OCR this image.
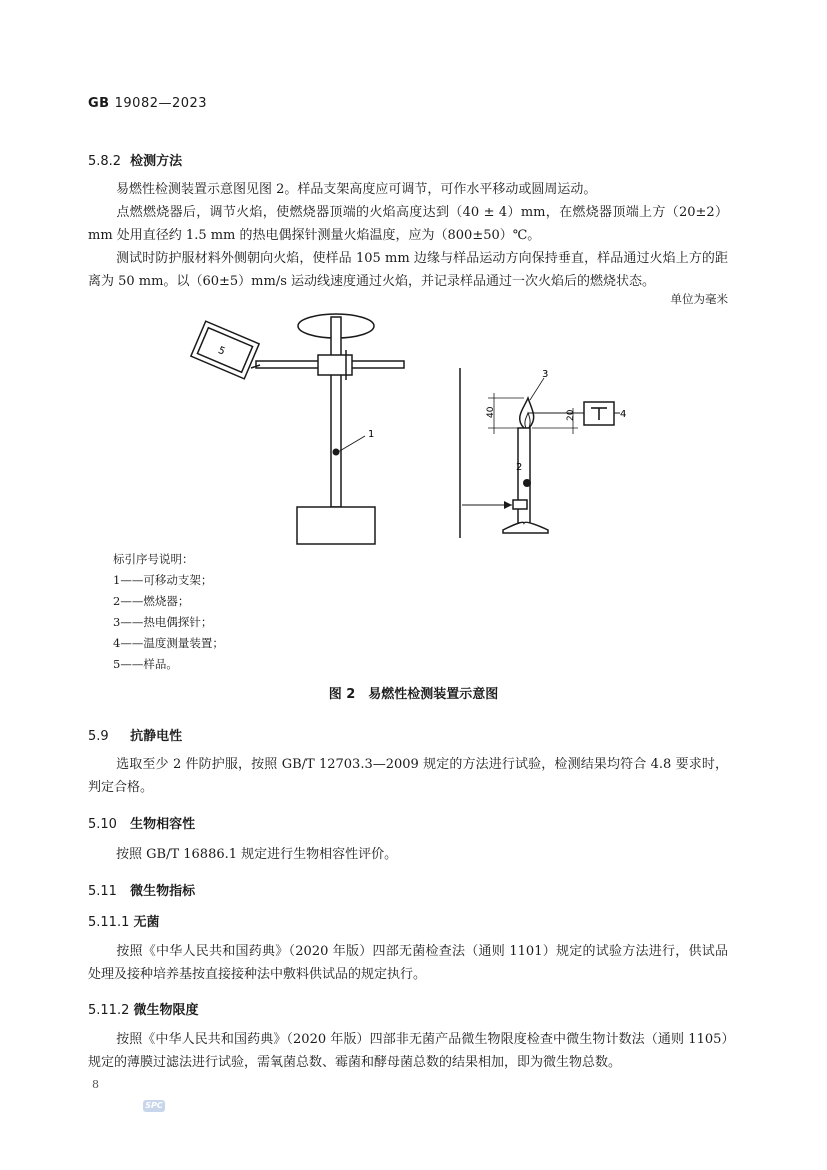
GB 19082—2023
5.8.2 检测方法
易燃性检测装置示意图见图 2。样品支架高度应可调节，可作水平移动或圆周运动。
点燃燃烧器后，调节火焰，使燃烧器顶端的火焰高度达到（40 ± 4）mm，在燃烧器顶端上方（20±2）mm 处用直径约 1.5 mm 的热电偶探针测量火焰温度，应为（800±50）℃。
测试时防护服材料外侧朝向火焰，使样品 105 mm 边缘与样品运动方向保持垂直，样品通过火焰上方的距离为 50 mm。以（60±5）mm/s 运动线速度通过火焰，并记录样品通过一次火焰后的燃烧状态。
单位为毫米
5
1
2
3
4
40	20
T
标引序号说明：
1——可移动支架；
2——燃烧器；
3——热电偶探针；
4——温度测量装置；
5——样品。
图 2　易燃性检测装置示意图
5.9 抗静电性
选取至少 2 件防护服，按照 GB/T 12703.3—2009 规定的方法进行试验，检测结果均符合 4.8 要求时，判定合格。
5.10 生物相容性
按照 GB/T 16886.1 规定进行生物相容性评价。
5.11 微生物指标
5.11.1 无菌
按照《中华人民共和国药典》（2020 年版）四部无菌检查法（通则 1101）规定的试验方法进行，供试品处理及接种培养基按直接接种法中敷料供试品的规定执行。
5.11.2 微生物限度
按照《中华人民共和国药典》（2020 年版）四部非无菌产品微生物限度检查中微生物计数法（通则 1105）规定的薄膜过滤法进行试验，需氧菌总数、霉菌和酵母菌总数的结果相加，即为微生物总数。
8
SPC
